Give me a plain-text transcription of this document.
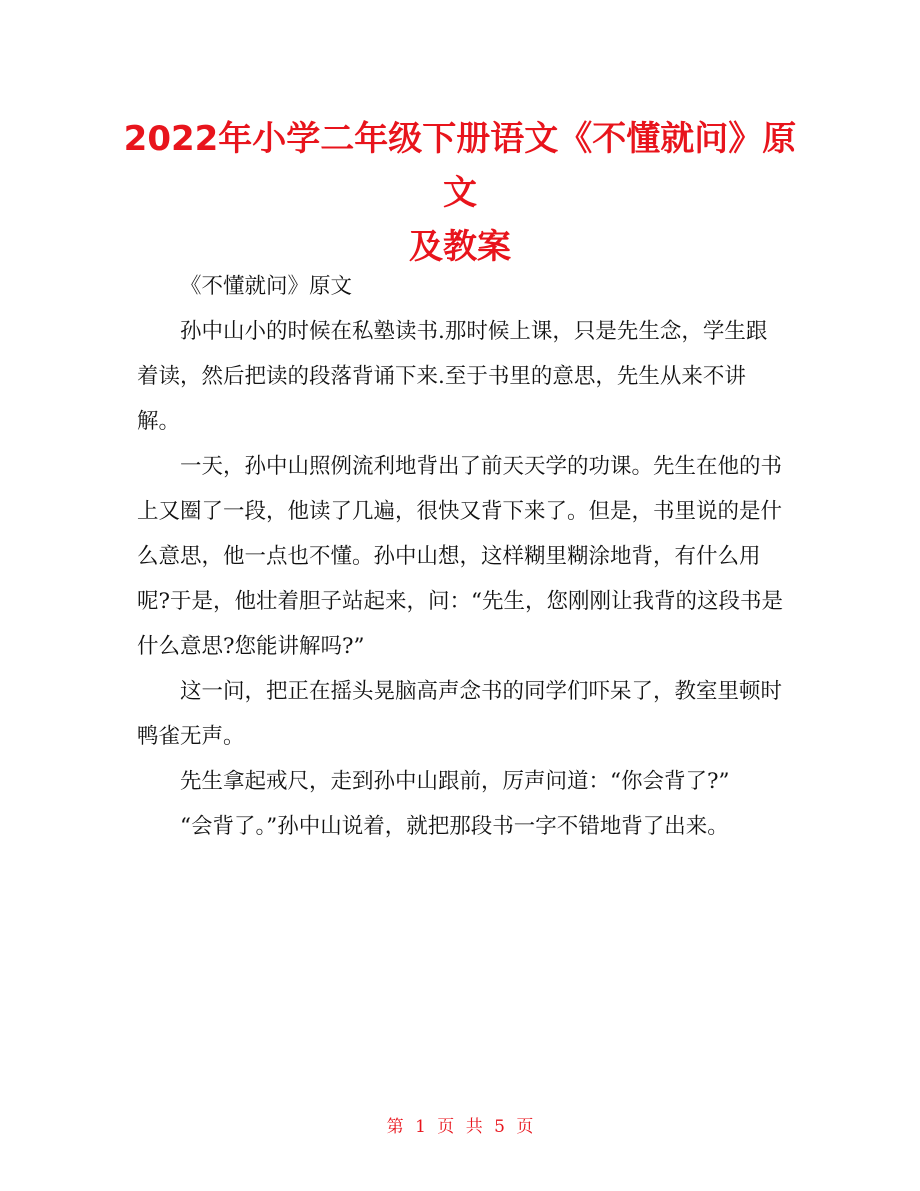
2022年小学二年级下册语文《不懂就问》原文
及教案

《不懂就问》原文

孙中山小的时候在私塾读书.那时候上课，只是先生念，学生跟着读，然后把读的段落背诵下来.至于书里的意思，先生从来不讲解。

一天，孙中山照例流利地背出了前天天学的功课。先生在他的书上又圈了一段，他读了几遍，很快又背下来了。但是，书里说的是什么意思，他一点也不懂。孙中山想，这样糊里糊涂地背，有什么用呢?于是，他壮着胆子站起来，问：“先生，您刚刚让我背的这段书是什么意思?您能讲解吗?”

这一问，把正在摇头晃脑高声念书的同学们吓呆了，教室里顿时鸭雀无声。

先生拿起戒尺，走到孙中山跟前，厉声问道：“你会背了?”

“会背了。”孙中山说着，就把那段书一字不错地背了出来。

第 1 页 共 5 页
